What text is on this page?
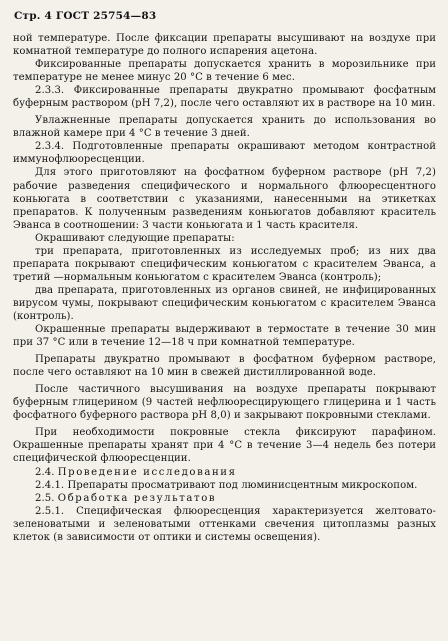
Стр. 4 ГОСТ 25754—83

ной температуре. После фиксации препараты высушивают на воздухе при комнатной температуре до полного испарения ацетона.

Фиксированные препараты допускается хранить в морозильнике при температуре не менее минус 20 °С в течение 6 мес.

2.3.3. Фиксированные препараты двукратно промывают фосфатным буферным раствором (рН 7,2), после чего оставляют их в растворе на 10 мин.

Увлажненные препараты допускается хранить до использования во влажной камере при 4 °С в течение 3 дней.

2.3.4. Подготовленные препараты окрашивают методом контрастной иммунофлюоресценции.

Для этого приготовляют на фосфатном буферном растворе (рН 7,2) рабочие разведения специфического и нормального флюоресцентного коньюгата в соответствии с указаниями, нанесенными на этикетках препаратов. К полученным разведениям коньюгатов добавляют краситель Эванса в соотношении: 3 части коньюгата и 1 часть красителя.

Окрашивают следующие препараты:

три препарата, приготовленных из исследуемых проб; из них два препарата покрывают специфическим коньюгатом с красителем Эванса, а третий —нормальным коньюгатом с красителем Эванса (контроль);

два препарата, приготовленных из органов свиней, не инфицированных вирусом чумы, покрывают специфическим коньюгатом с красителем Эванса (контроль).

Окрашенные препараты выдерживают в термостате в течение 30 мин при 37 °С или в течение 12—18 ч при комнатной температуре.

Препараты двукратно промывают в фосфатном буферном растворе, после чего оставляют на 10 мин в свежей дистиллированной воде.

После частичного высушивания на воздухе препараты покрывают буферным глицерином (9 частей нефлюоресцирующего глицерина и 1 часть фосфатного буферного раствора рН 8,0) и закрывают покровными стеклами.

При необходимости покровные стекла фиксируют парафином. Окрашенные препараты хранят при 4 °С в течение 3—4 недель без потери специфической флюоресценции.

2.4. Проведение исследования

2.4.1. Препараты просматривают под люминисцентным микроскопом.

2.5. Обработка результатов

2.5.1. Специфическая флюоресценция характеризуется желтовато-зеленоватыми и зеленоватыми оттенками свечения цитоплазмы разных клеток (в зависимости от оптики и системы освещения).
